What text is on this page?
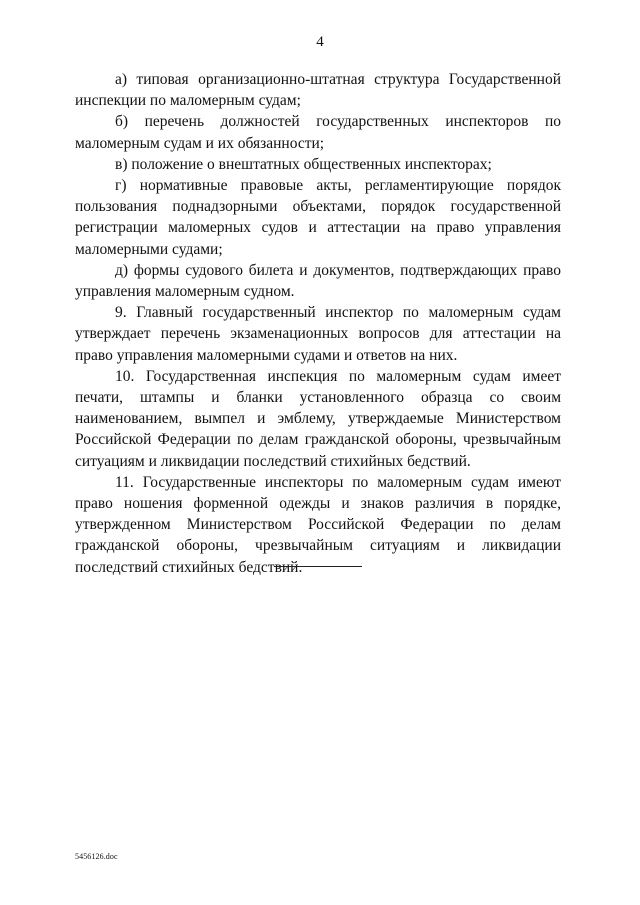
4

а) типовая организационно-штатная структура Государственной инспекции по маломерным судам;

б) перечень должностей государственных инспекторов по маломерным судам и их обязанности;

в) положение о внештатных общественных инспекторах;

г) нормативные правовые акты, регламентирующие порядок пользования поднадзорными объектами, порядок государственной регистрации маломерных судов и аттестации на право управления маломерными судами;

д) формы судового билета и документов, подтверждающих право управления маломерным судном.

9. Главный государственный инспектор по маломерным судам утверждает перечень экзаменационных вопросов для аттестации на право управления маломерными судами и ответов на них.

10. Государственная инспекция по маломерным судам имеет печати, штампы и бланки установленного образца со своим наименованием, вымпел и эмблему, утверждаемые Министерством Российской Федерации по делам гражданской обороны, чрезвычайным ситуациям и ликвидации последствий стихийных бедствий.

11. Государственные инспекторы по маломерным судам имеют право ношения форменной одежды и знаков различия в порядке, утвержденном Министерством Российской Федерации по делам гражданской обороны, чрезвычайным ситуациям и ликвидации последствий стихийных бедствий.

5456126.doc
